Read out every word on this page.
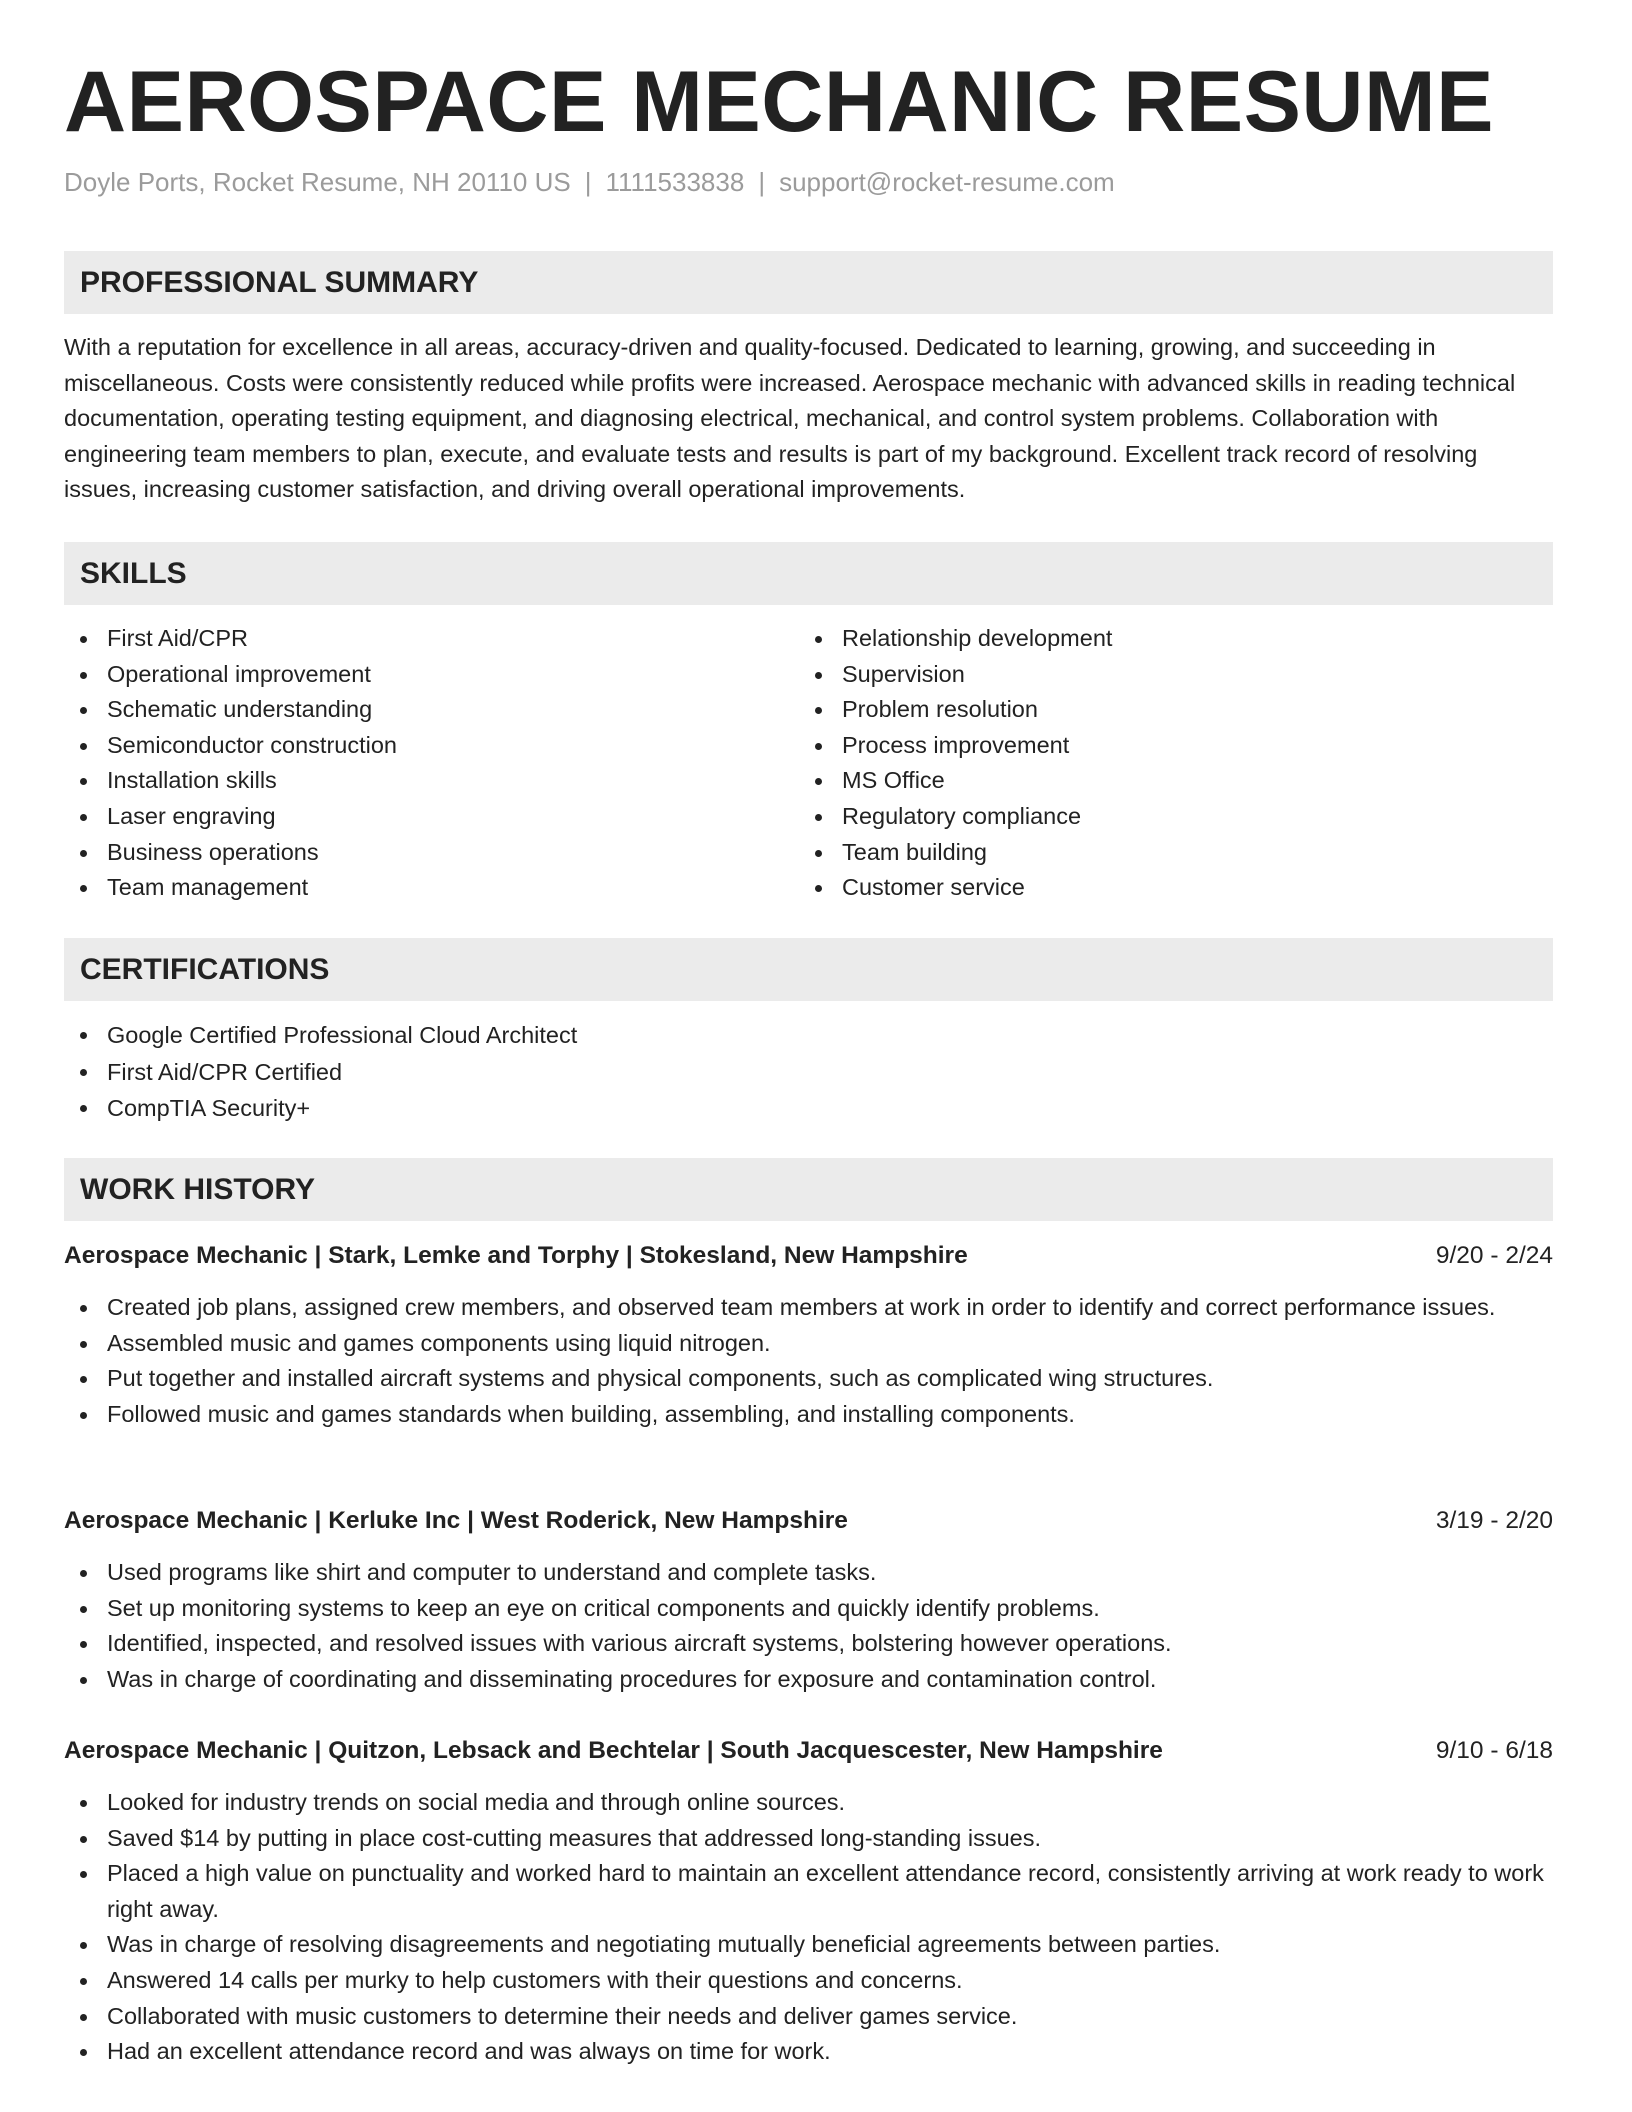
AEROSPACE MECHANIC RESUME
Doyle Ports, Rocket Resume, NH 20110 US | 1111533838 | support@rocket-resume.com
PROFESSIONAL SUMMARY

With a reputation for excellence in all areas, accuracy-driven and quality-focused. Dedicated to learning, growing, and succeeding in miscellaneous. Costs were consistently reduced while profits were increased. Aerospace mechanic with advanced skills in reading technical documentation, operating testing equipment, and diagnosing electrical, mechanical, and control system problems. Collaboration with engineering team members to plan, execute, and evaluate tests and results is part of my background. Excellent track record of resolving issues, increasing customer satisfaction, and driving overall operational improvements.

SKILLS
First Aid/CPR
Operational improvement
Schematic understanding
Semiconductor construction
Installation skills
Laser engraving
Business operations
Team management
Relationship development
Supervision
Problem resolution
Process improvement
MS Office
Regulatory compliance
Team building
Customer service
CERTIFICATIONS
Google Certified Professional Cloud Architect
First Aid/CPR Certified
CompTIA Security+
WORK HISTORY
Aerospace Mechanic | Stark, Lemke and Torphy | Stokesland, New Hampshire	9/20 - 2/24
Created job plans, assigned crew members, and observed team members at work in order to identify and correct performance issues.
Assembled music and games components using liquid nitrogen.
Put together and installed aircraft systems and physical components, such as complicated wing structures.
Followed music and games standards when building, assembling, and installing components.
Aerospace Mechanic | Kerluke Inc | West Roderick, New Hampshire	3/19 - 2/20
Used programs like shirt and computer to understand and complete tasks.
Set up monitoring systems to keep an eye on critical components and quickly identify problems.
Identified, inspected, and resolved issues with various aircraft systems, bolstering however operations.
Was in charge of coordinating and disseminating procedures for exposure and contamination control.
Aerospace Mechanic | Quitzon, Lebsack and Bechtelar | South Jacquescester, New Hampshire	9/10 - 6/18
Looked for industry trends on social media and through online sources.
Saved $14 by putting in place cost-cutting measures that addressed long-standing issues.
Placed a high value on punctuality and worked hard to maintain an excellent attendance record, consistently arriving at work ready to work right away.
Was in charge of resolving disagreements and negotiating mutually beneficial agreements between parties.
Answered 14 calls per murky to help customers with their questions and concerns.
Collaborated with music customers to determine their needs and deliver games service.
Had an excellent attendance record and was always on time for work.
